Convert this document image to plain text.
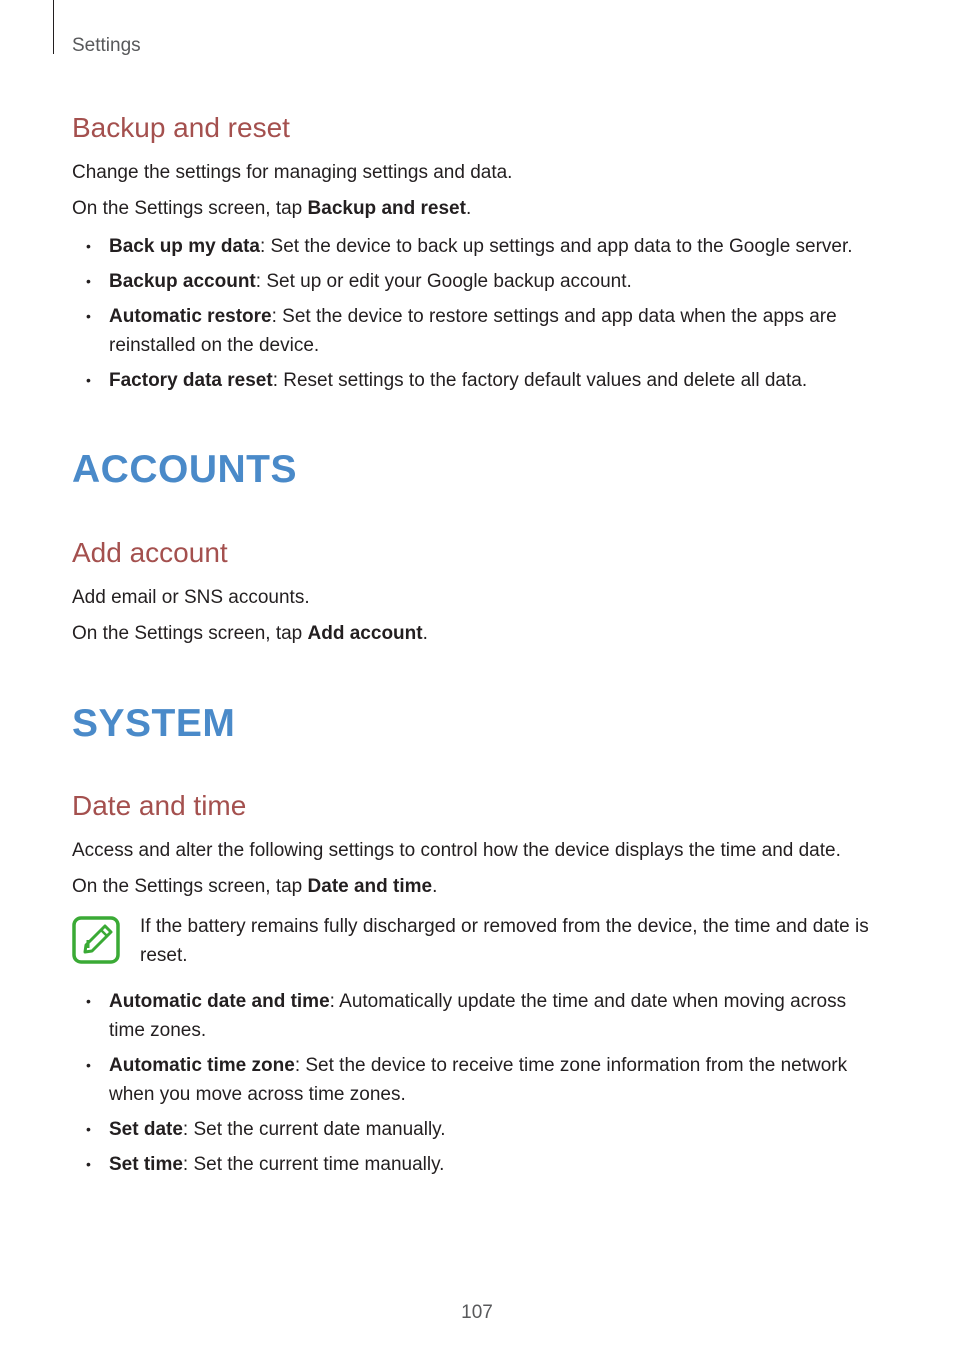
Settings
Backup and reset

Change the settings for managing settings and data.

On the Settings screen, tap Backup and reset.

• Back up my data: Set the device to back up settings and app data to the Google server.
• Backup account: Set up or edit your Google backup account.
• Automatic restore: Set the device to restore settings and app data when the apps are reinstalled on the device.
• Factory data reset: Reset settings to the factory default values and delete all data.
ACCOUNTS
Add account

Add email or SNS accounts.

On the Settings screen, tap Add account.

SYSTEM
Date and time

Access and alter the following settings to control how the device displays the time and date.

On the Settings screen, tap Date and time.

If the battery remains fully discharged or removed from the device, the time and date is reset.
• Automatic date and time: Automatically update the time and date when moving across time zones.
• Automatic time zone: Set the device to receive time zone information from the network when you move across time zones.
• Set date: Set the current date manually.
• Set time: Set the current time manually.
107
